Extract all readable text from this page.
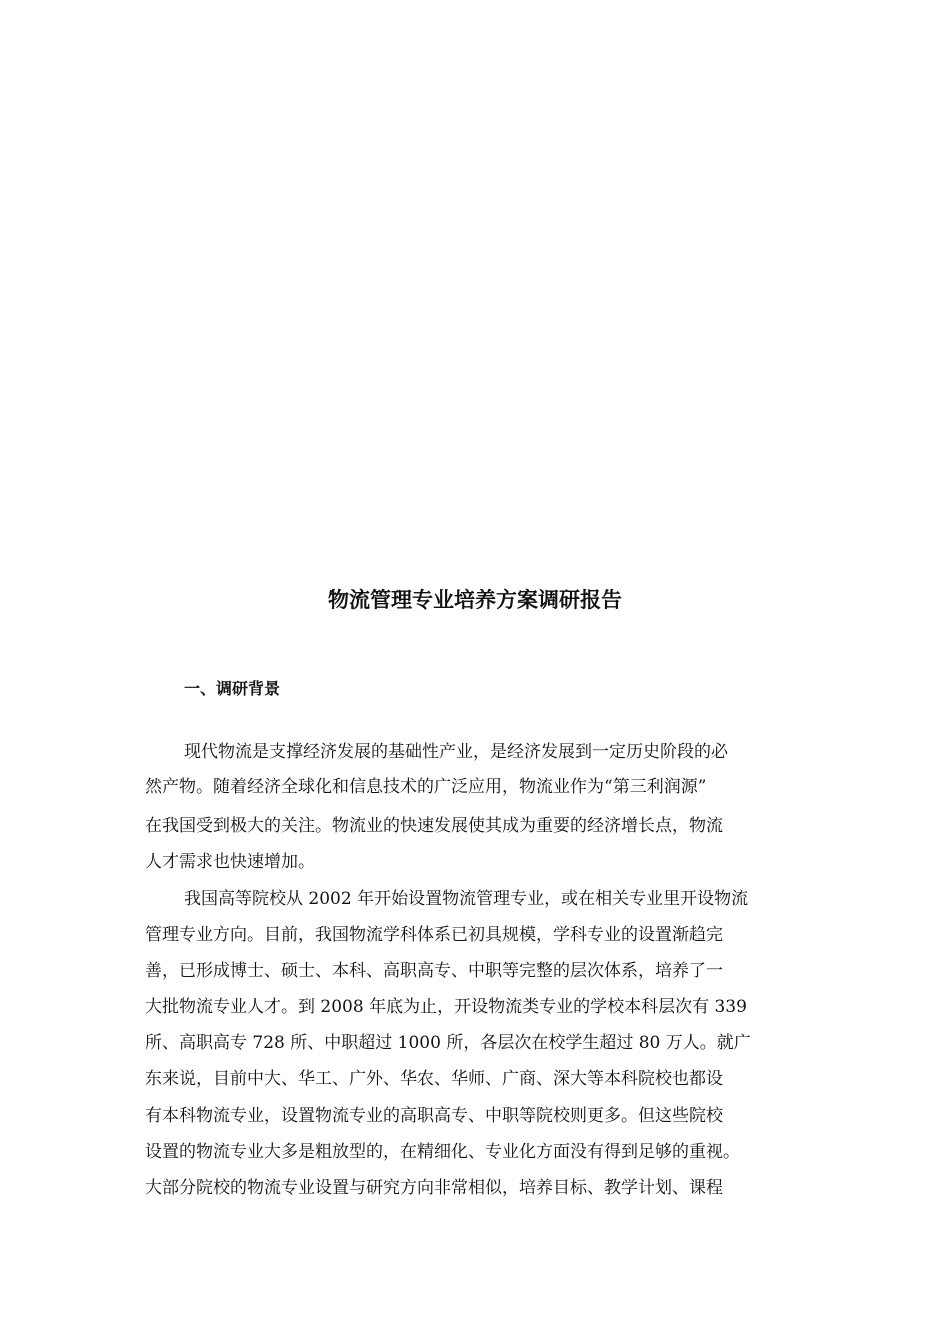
物流管理专业培养方案调研报告
一、调研背景

现代物流是支撑经济发展的基础性产业，是经济发展到一定历史阶段的必

然产物。随着经济全球化和信息技术的广泛应用，物流业作为“第三利润源”

在我国受到极大的关注。物流业的快速发展使其成为重要的经济增长点，物流

人才需求也快速增加。

我国高等院校从 2002 年开始设置物流管理专业，或在相关专业里开设物流

管理专业方向。目前，我国物流学科体系已初具规模，学科专业的设置渐趋完

善，已形成博士、硕士、本科、高职高专、中职等完整的层次体系，培养了一

大批物流专业人才。到 2008 年底为止，开设物流类专业的学校本科层次有 339

所、高职高专 728 所、中职超过 1000 所，各层次在校学生超过 80 万人。就广

东来说，目前中大、华工、广外、华农、华师、广商、深大等本科院校也都设

有本科物流专业，设置物流专业的高职高专、中职等院校则更多。但这些院校

设置的物流专业大多是粗放型的，在精细化、专业化方面没有得到足够的重视。

大部分院校的物流专业设置与研究方向非常相似，培养目标、教学计划、课程
